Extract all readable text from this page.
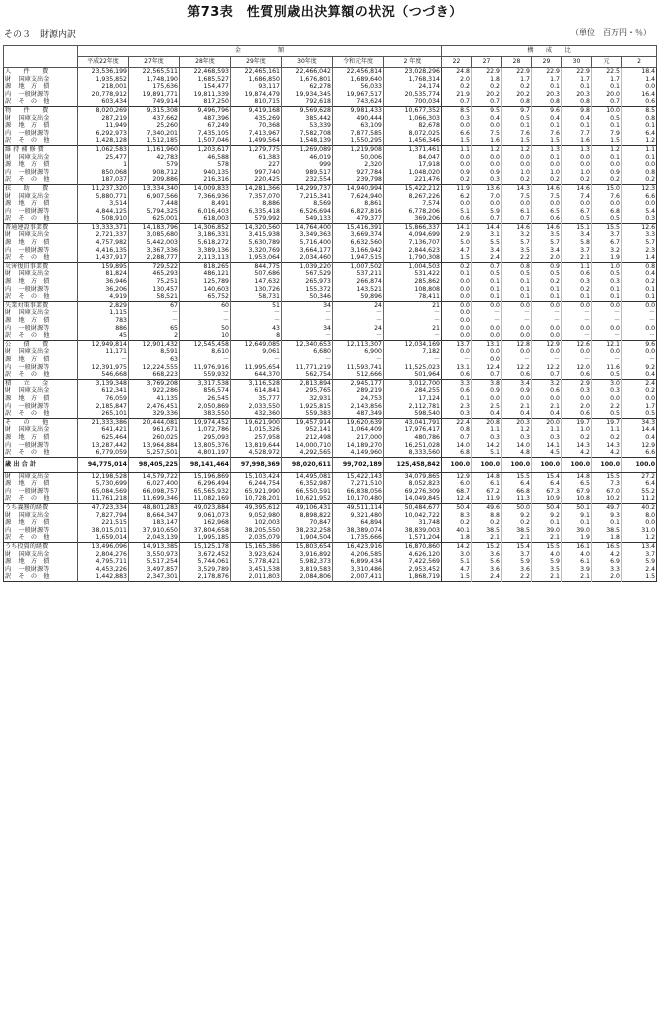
第73表　性質別歳出決算額の状況（つづき）
その３　財源内訳	（単位　百万円・％）
		金　　　　　　額							構　　成　　比						
		平成22年度	27年度	28年度	29年度	30年度	令和元年度	2 年度	22	27	28	29	30	元	2
人　　件　　費		23,536,199	22,565,511	22,468,593	22,465,161	22,466,042	22,456,814	23,028,296	24.8	22.9	22.9	22.9	22.9	22.5	18.4
財	国庫支出金	1,935,852	1,748,190	1,685,527	1,686,850	1,676,801	1,689,640	1,768,314	2.0	1.8	1.7	1.7	1.7	1.7	1.4
源	地　方　債	218,001	175,636	154,477	93,117	62,278	56,033	24,174	0.2	0.2	0.2	0.1	0.1	0.1	0.0
内	一般財源等	20,778,912	19,891,771	19,811,339	19,874,479	19,934,345	19,967,517	20,535,774	21.9	20.2	20.2	20.3	20.3	20.0	16.4
訳	そ　の　他	603,434	749,914	817,250	810,715	792,618	743,624	700,034	0.7	0.7	0.8	0.8	0.8	0.7	0.6
物　　件　　費		8,020,269	9,315,308	9,496,796	9,419,168	9,569,628	9,981,433	10,677,352	8.5	9.5	9.7	9.6	9.8	10.0	8.5
財	国庫支出金	287,219	437,662	487,396	435,269	385,442	490,444	1,066,303	0.3	0.4	0.5	0.4	0.4	0.5	0.8
源	地　方　債	11,949	25,260	67,249	70,368	53,339	63,109	82,678	0.0	0.0	0.1	0.1	0.1	0.1	0.1
内	一般財源等	6,292,973	7,340,201	7,435,105	7,413,967	7,582,708	7,877,585	8,072,025	6.6	7.5	7.6	7.6	7.7	7.9	6.4
訳	そ　の　他	1,428,128	1,512,185	1,507,046	1,499,564	1,548,139	1,550,295	1,456,346	1.5	1.6	1.5	1.5	1.6	1.5	1.2
維 持 補 修 費		1,062,583	1,161,960	1,203,617	1,279,775	1,269,089	1,219,908	1,371,461	1.1	1.2	1.2	1.3	1.3	1.2	1.1
財	国庫支出金	25,477	42,783	46,588	61,383	46,019	50,006	84,047	0.0	0.0	0.0	0.1	0.0	0.1	0.1
源	地　方　債	1	579	578	227	999	2,320	17,918	0.0	0.0	0.0	0.0	0.0	0.0	0.0
内	一般財源等	850,068	908,712	940,135	997,740	989,517	927,784	1,048,020	0.9	0.9	1.0	1.0	1.0	0.9	0.8
訳	そ　の　他	187,037	209,886	216,316	220,425	232,554	239,798	221,476	0.2	0.3	0.2	0.2	0.2	0.2	0.2
扶　　助　　費		11,237,320	13,334,340	14,009,833	14,281,366	14,299,737	14,940,994	15,422,212	11.9	13.6	14.3	14.6	14.6	15.0	12.3
財	国庫支出金	5,880,771	6,907,566	7,366,936	7,357,070	7,215,341	7,624,940	8,267,226	6.2	7.0	7.5	7.5	7.4	7.6	6.6
源	地　方　債	3,514	7,448	8,491	8,886	8,569	8,861	7,574	0.0	0.0	0.0	0.0	0.0	0.0	0.0
内	一般財源等	4,844,125	5,794,325	6,016,403	6,335,418	6,526,694	6,827,816	6,778,206	5.1	5.9	6.1	6.5	6.7	6.8	5.4
訳	そ　の　他	508,910	625,001	618,003	579,992	549,133	479,377	369,206	0.6	0.7	0.7	0.6	0.5	0.5	0.3
普通建設事業費		13,333,371	14,183,796	14,306,852	14,320,560	14,764,400	15,416,391	15,866,337	14.1	14.4	14.6	14.6	15.1	15.5	12.6
財	国庫支出金	2,721,337	3,085,680	3,186,331	3,415,938	3,349,363	3,669,374	4,094,699	2.9	3.1	3.2	3.5	3.4	3.7	3.3
源	地　方　債	4,757,982	5,442,003	5,618,272	5,630,789	5,716,400	6,632,560	7,136,707	5.0	5.5	5.7	5.7	5.8	6.7	5.7
内	一般財源等	4,416,135	3,367,336	3,389,136	3,320,769	3,664,177	3,166,942	2,844,623	4.7	3.4	3.5	3.4	3.7	3.2	2.3
訳	そ　の　他	1,437,917	2,288,777	2,113,113	1,953,064	2,034,460	1,947,515	1,790,308	1.5	2.4	2.2	2.0	2.1	1.9	1.4
災害復旧事業費		159,895	729,522	818,265	844,775	1,039,220	1,007,502	1,004,503	0.2	0.7	0.8	0.9	1.1	1.0	0.8
財	国庫支出金	81,824	465,293	486,121	507,686	567,529	537,211	531,422	0.1	0.5	0.5	0.5	0.6	0.5	0.4
源	地　方　債	36,946	75,251	125,789	147,632	265,973	266,874	285,862	0.0	0.1	0.1	0.2	0.3	0.3	0.2
内	一般財源等	36,206	130,457	140,603	130,726	155,372	143,521	108,808	0.0	0.1	0.1	0.1	0.2	0.1	0.1
訳	そ　の　他	4,919	58,521	65,752	58,731	50,346	59,896	78,411	0.0	0.1	0.1	0.1	0.1	0.1	0.1
失業対策事業費		2,829	67	60	51	34	24	21	0.0	0.0	0.0	0.0	0.0	0.0	0.0
財	国庫支出金	1,115	－	－	－	－	－	－	0.0	－	－	－	－	－	－
源	地　方　債	783	－	－	－	－	－	－	0.0	－	－	－	－	－	－
内	一般財源等	886	65	50	43	34	24	21	0.0	0.0	0.0	0.0	0.0	0.0	0.0
訳	そ　の　他	45	2	10	8	－	－	－	0.0	0.0	0.0	0.0	－	－	－
公　　債　　費		12,949,814	12,901,432	12,545,458	12,649,085	12,340,653	12,113,307	12,034,169	13.7	13.1	12.8	12.9	12.6	12.1	9.6
財	国庫支出金	11,171	8,591	8,610	9,061	6,680	6,900	7,182	0.0	0.0	0.0	0.0	0.0	0.0	0.0
源	地　方　債	－	63	－	－	－	－	－	－	0.0	－	－	－	－	－
内	一般財源等	12,391,975	12,224,555	11,976,916	11,995,654	11,771,219	11,593,741	11,525,023	13.1	12.4	12.2	12.2	12.0	11.6	9.2
訳	そ　の　他	546,668	668,223	559,932	644,370	562,754	512,666	501,964	0.6	0.7	0.6	0.7	0.6	0.5	0.4
積　　立　　金		3,139,348	3,769,208	3,317,538	3,116,528	2,813,894	2,945,177	3,012,700	3.3	3.8	3.4	3.2	2.9	3.0	2.4
財	国庫支出金	612,341	922,286	856,574	614,841	295,765	289,219	284,255	0.6	0.9	0.9	0.6	0.3	0.3	0.2
源	地　方　債	76,059	41,135	26,545	35,777	32,931	24,753	17,124	0.1	0.0	0.0	0.0	0.0	0.0	0.0
内	一般財源等	2,185,847	2,476,451	2,050,869	2,033,550	1,925,815	2,143,856	2,112,781	2.3	2.5	2.1	2.1	2.0	2.2	1.7
訳	そ　の　他	265,101	329,336	383,550	432,360	559,383	487,349	598,540	0.3	0.4	0.4	0.4	0.6	0.5	0.5
そ　　の　　他		21,333,386	20,444,081	19,974,452	19,621,900	19,457,914	19,620,639	43,041,791	22.4	20.8	20.3	20.0	19.7	19.7	34.3
財	国庫支出金	641,421	961,671	1,072,786	1,015,326	952,141	1,064,409	17,976,417	0.8	1.1	1.2	1.1	1.0	1.1	14.4
源	地　方　債	625,464	260,025	295,093	257,958	212,498	217,000	480,786	0.7	0.3	0.3	0.3	0.2	0.2	0.4
内	一般財源等	13,287,442	13,964,884	13,805,376	13,819,644	14,000,710	14,189,270	16,251,028	14.0	14.2	14.0	14.1	14.3	14.3	12.9
訳	そ　の　他	6,779,059	5,257,501	4,801,197	4,528,972	4,292,565	4,149,960	8,333,560	6.8	5.1	4.8	4.5	4.2	4.2	6.6
歳 出 合 計		94,775,014	98,405,225	98,141,464	97,998,369	98,020,611	99,702,189	125,458,842	100.0	100.0	100.0	100.0	100.0	100.0	100.0
財	国庫支出金	12,198,528	14,579,722	15,196,869	15,103,424	14,495,081	15,422,143	34,079,865	12.9	14.8	15.5	15.4	14.8	15.5	27.2
源	地　方　債	5,730,699	6,027,400	6,296,494	6,244,754	6,352,987	7,271,510	8,052,823	6.0	6.1	6.4	6.4	6.5	7.3	6.4
内	一般財源等	65,084,569	66,098,757	65,565,932	65,921,990	66,550,591	66,838,056	69,276,309	68.7	67.2	66.8	67.3	67.9	67.0	55.2
訳	そ　の　他	11,761,218	11,699,346	11,082,169	10,728,201	10,621,952	10,170,480	14,049,845	12.4	11.9	11.3	10.9	10.8	10.2	11.2
うち義務的経費		47,723,334	48,801,283	49,023,884	49,395,612	49,106,431	49,511,114	50,484,677	50.4	49.6	50.0	50.4	50.1	49.7	40.2
財	国庫支出金	7,827,794	8,664,347	9,061,073	9,052,980	8,898,822	9,321,480	10,042,722	8.3	8.8	9.2	9.2	9.1	9.3	8.0
源	地　方　債	221,515	183,147	162,968	102,003	70,847	64,894	31,748	0.2	0.2	0.2	0.1	0.1	0.1	0.0
内	一般財源等	38,015,011	37,910,650	37,804,658	38,205,550	38,232,258	38,389,074	38,839,003	40.1	38.5	38.5	39.0	39.0	38.5	31.0
訳	そ　の　他	1,659,014	2,043,139	1,995,185	2,035,079	1,904,504	1,735,666	1,571,204	1.8	2.1	2.1	2.1	1.9	1.8	1.2
うち投資的経費		13,496,096	14,913,385	15,125,178	15,165,386	15,803,654	16,423,916	16,870,860	14.2	15.2	15.4	15.5	16.1	16.5	13.4
財	国庫支出金	2,804,276	3,550,973	3,672,452	3,923,624	3,916,892	4,206,585	4,626,120	3.0	3.6	3.7	4.0	4.0	4.2	3.7
源	地　方　債	4,795,711	5,517,254	5,744,061	5,778,421	5,982,373	6,899,434	7,422,569	5.1	5.6	5.9	5.9	6.1	6.9	5.9
内	一般財源等	4,453,226	3,497,857	3,529,789	3,451,538	3,819,583	3,310,486	2,953,452	4.7	3.6	3.6	3.5	3.9	3.3	2.4
訳	そ　の　他	1,442,883	2,347,301	2,178,876	2,011,803	2,084,806	2,007,411	1,868,719	1.5	2.4	2.2	2.1	2.1	2.0	1.5
